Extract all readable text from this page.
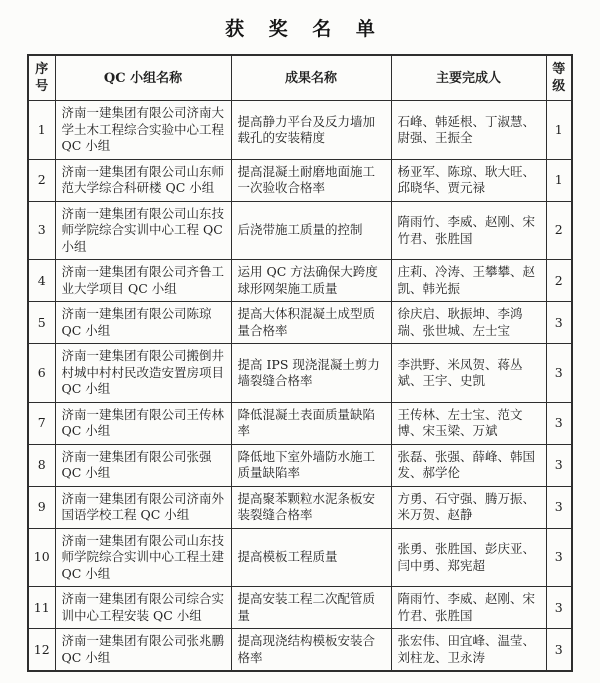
获 奖 名 单
序号	QC 小组名称	成果名称	主要完成人	等级
1	济南一建集团有限公司济南大学土木工程综合实验中心工程 QC 小组	提高静力平台及反力墙加载孔的安装精度	石峰、韩延根、丁淑慧、尉强、王振全	1
2	济南一建集团有限公司山东师范大学综合科研楼 QC 小组	提高混凝土耐磨地面施工一次验收合格率	杨亚军、陈琼、耿大旺、邱晓华、贾元禄	1
3	济南一建集团有限公司山东技师学院综合实训中心工程 QC 小组	后浇带施工质量的控制	隋雨竹、李威、赵刚、宋竹君、张胜国	2
4	济南一建集团有限公司齐鲁工业大学项目 QC 小组	运用 QC 方法确保大跨度球形网架施工质量	庄莉、冷涛、王攀攀、赵凯、韩光振	2
5	济南一建集团有限公司陈琼 QC 小组	提高大体积混凝土成型质量合格率	徐庆启、耿振坤、李鸿瑞、张世城、左士宝	3
6	济南一建集团有限公司搬倒井村城中村村民改造安置房项目 QC 小组	提高 IPS 现浇混凝土剪力墙裂缝合格率	李洪野、米凤贺、蒋丛斌、王宇、史凯	3
7	济南一建集团有限公司王传林 QC 小组	降低混凝土表面质量缺陷率	王传林、左士宝、范文博、宋玉梁、万斌	3
8	济南一建集团有限公司张强 QC 小组	降低地下室外墙防水施工质量缺陷率	张磊、张强、薛峰、韩国发、郝学伦	3
9	济南一建集团有限公司济南外国语学校工程 QC 小组	提高聚苯颗粒水泥条板安装裂缝合格率	方勇、石守强、腾万振、米万贺、赵静	3
10	济南一建集团有限公司山东技师学院综合实训中心工程土建 QC 小组	提高模板工程质量	张勇、张胜国、彭庆亚、闫中勇、郑宪超	3
11	济南一建集团有限公司综合实训中心工程安装 QC 小组	提高安装工程二次配管质量	隋雨竹、李威、赵刚、宋竹君、张胜国	3
12	济南一建集团有限公司张兆鹏 QC 小组	提高现浇结构模板安装合格率	张宏伟、田宜峰、温莹、刘柱龙、卫永涛	3
